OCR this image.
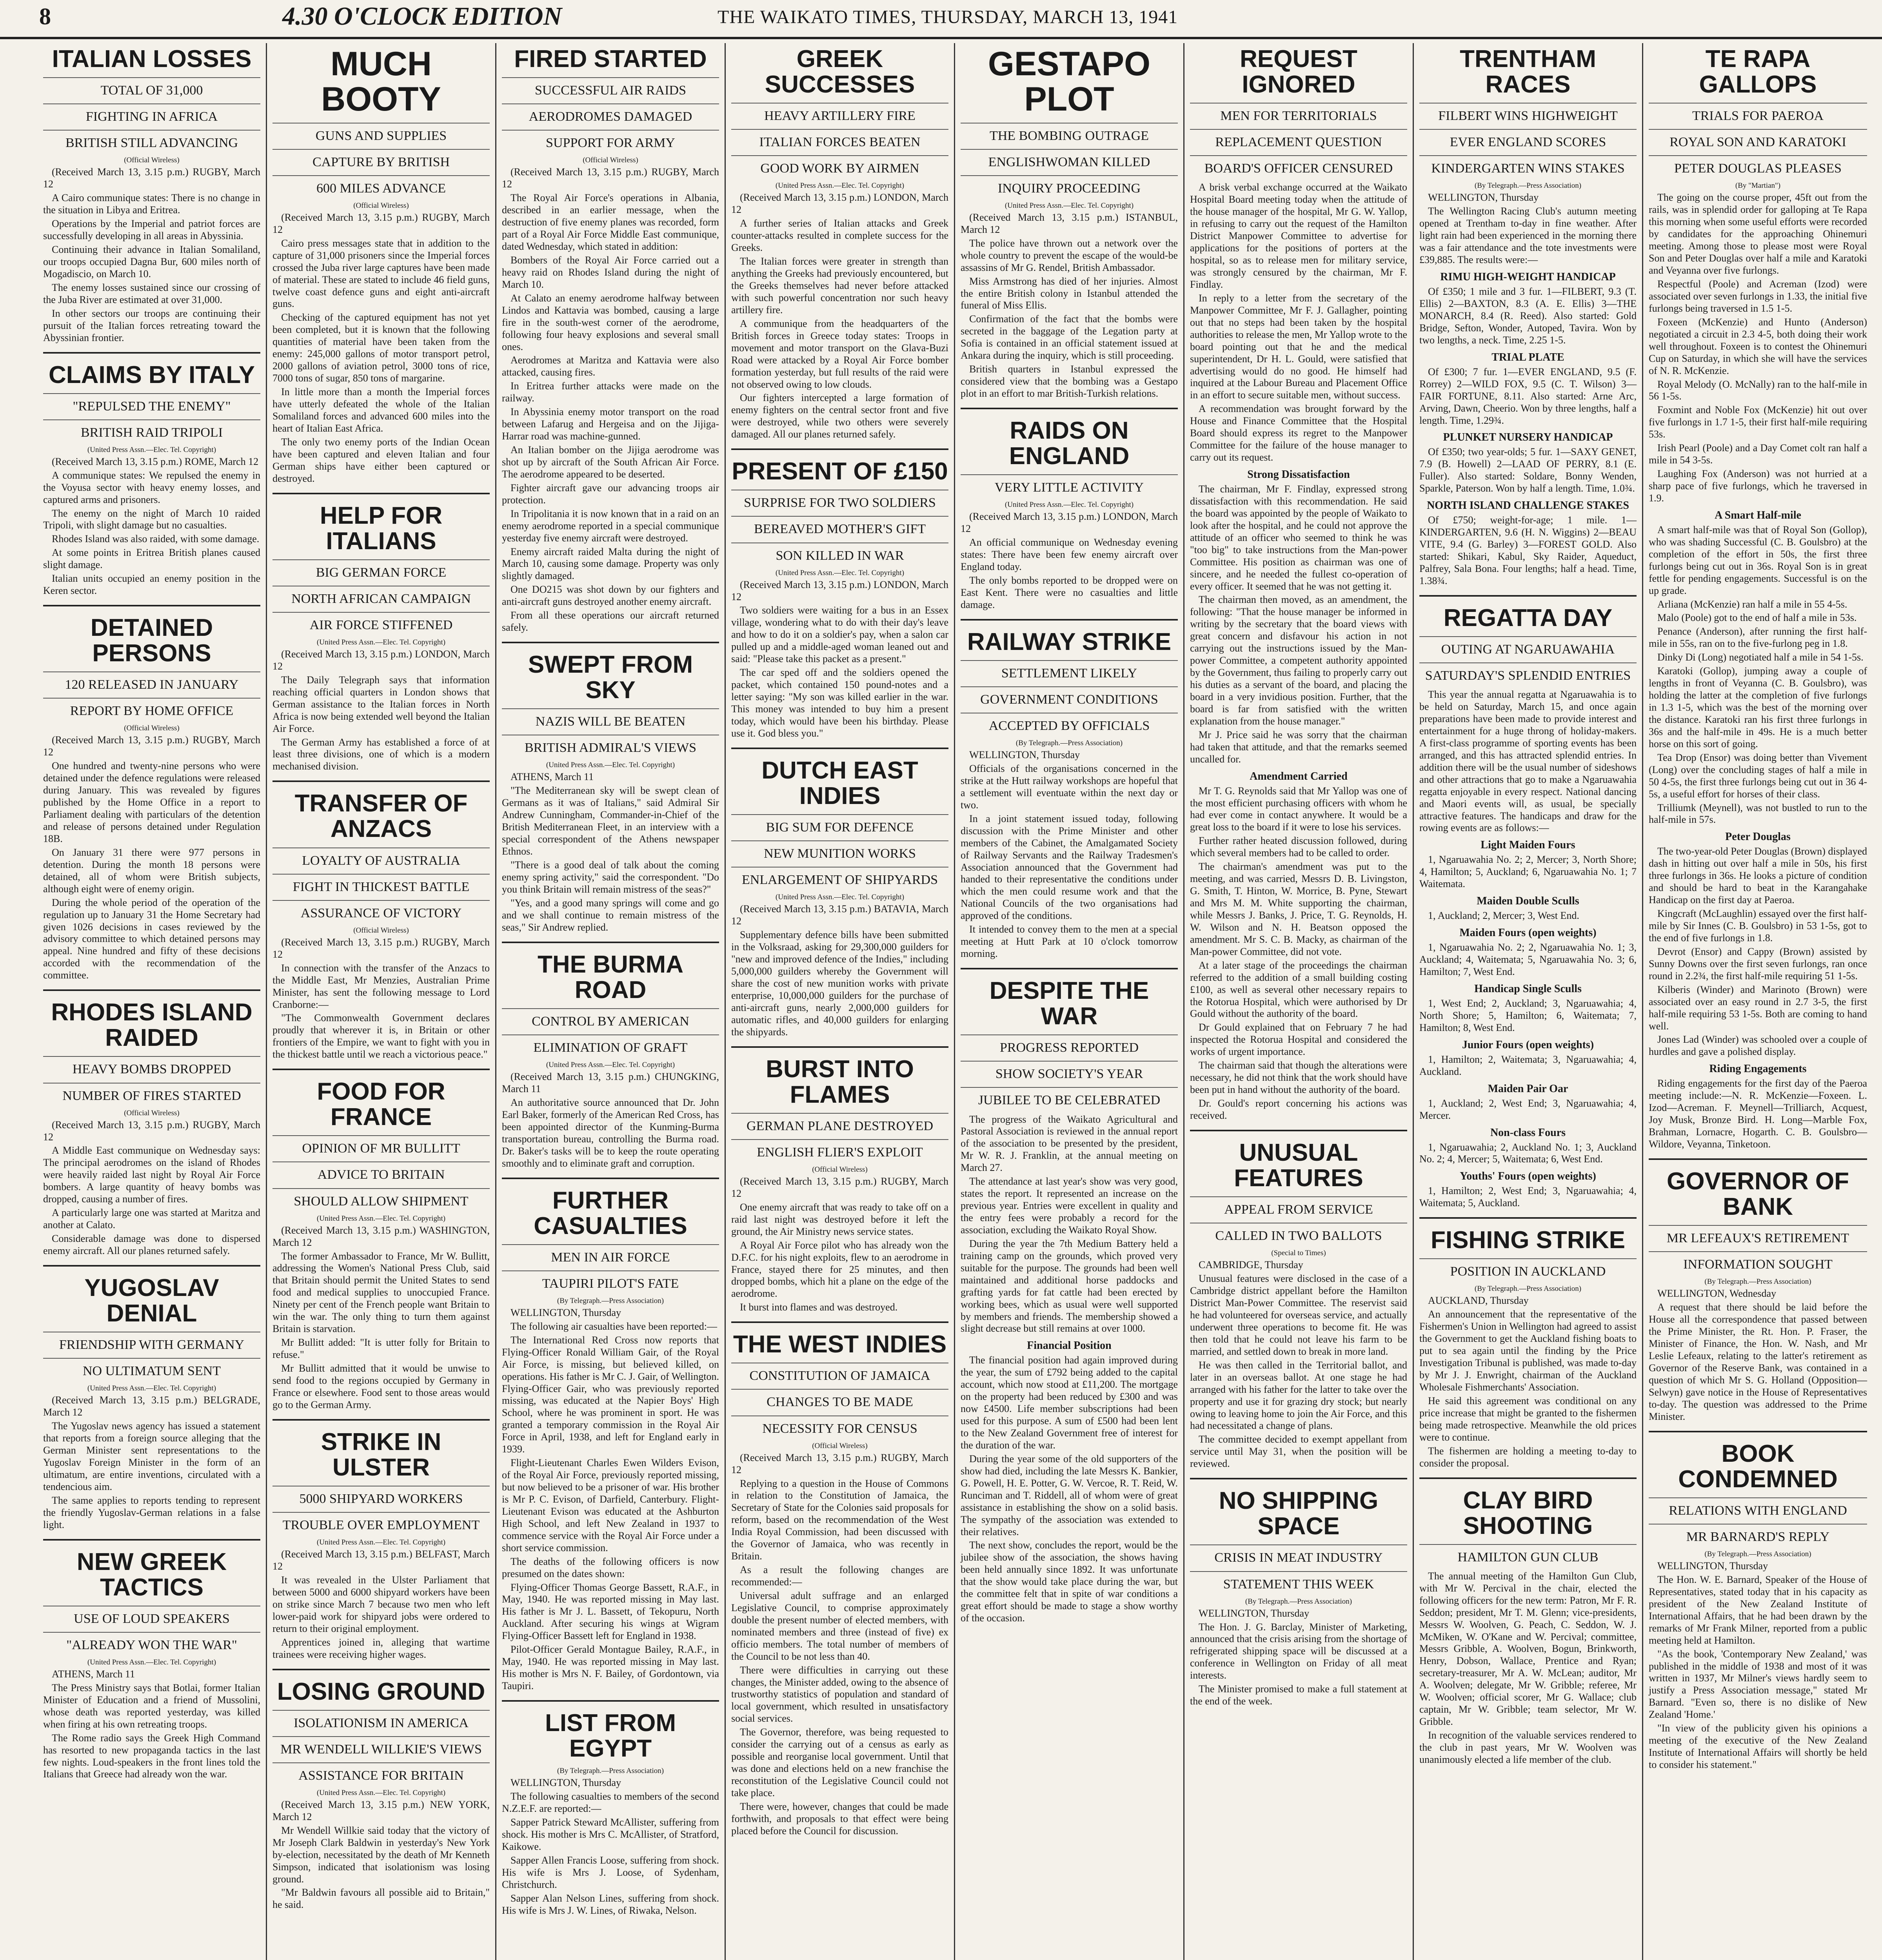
8	4.30 O'CLOCK EDITION	THE WAIKATO TIMES, THURSDAY, MARCH 13, 1941
ITALIAN LOSSES
TOTAL OF 31,000
FIGHTING IN AFRICA
BRITISH STILL ADVANCING
(Official Wireless)

(Received March 13, 3.15 p.m.) RUGBY, March 12

A Cairo communique states: There is no change in the situation in Libya and Eritrea.

Operations by the Imperial and patriot forces are successfully developing in all areas in Abyssinia.

Continuing their advance in Italian Somaliland, our troops occupied Dagna Bur, 600 miles north of Mogadiscio, on March 10.

The enemy losses sustained since our crossing of the Juba River are estimated at over 31,000.

In other sectors our troops are continuing their pursuit of the Italian forces retreating toward the Abyssinian frontier.

CLAIMS BY ITALY
"REPULSED THE ENEMY"
BRITISH RAID TRIPOLI
(United Press Assn.—Elec. Tel. Copyright)

(Received March 13, 3.15 p.m.) ROME, March 12

A communique states: We repulsed the enemy in the Voyusa sector with heavy enemy losses, and captured arms and prisoners.

The enemy on the night of March 10 raided Tripoli, with slight damage but no casualties.

Rhodes Island was also raided, with some damage.

At some points in Eritrea British planes caused slight damage.

Italian units occupied an enemy position in the Keren sector.

DETAINED PERSONS
120 RELEASED IN JANUARY
REPORT BY HOME OFFICE
(Official Wireless)

(Received March 13, 3.15 p.m.) RUGBY, March 12

One hundred and twenty-nine persons who were detained under the defence regulations were released during January. This was revealed by figures published by the Home Office in a report to Parliament dealing with particulars of the detention and release of persons detained under Regulation 18B.

On January 31 there were 977 persons in detention. During the month 18 persons were detained, all of whom were British subjects, although eight were of enemy origin.

During the whole period of the operation of the regulation up to January 31 the Home Secretary had given 1026 decisions in cases reviewed by the advisory committee to which detained persons may appeal. Nine hundred and fifty of these decisions accorded with the recommendation of the committee.

RHODES ISLAND RAIDED
HEAVY BOMBS DROPPED
NUMBER OF FIRES STARTED
(Official Wireless)

(Received March 13, 3.15 p.m.) RUGBY, March 12

A Middle East communique on Wednesday says: The principal aerodromes on the island of Rhodes were heavily raided last night by Royal Air Force bombers. A large quantity of heavy bombs was dropped, causing a number of fires.

A particularly large one was started at Maritza and another at Calato.

Considerable damage was done to dispersed enemy aircraft. All our planes returned safely.

YUGOSLAV DENIAL
FRIENDSHIP WITH GERMANY
NO ULTIMATUM SENT
(United Press Assn.—Elec. Tel. Copyright)

(Received March 13, 3.15 p.m.) BELGRADE, March 12

The Yugoslav news agency has issued a statement that reports from a foreign source alleging that the German Minister sent representations to the Yugoslav Foreign Minister in the form of an ultimatum, are entire inventions, circulated with a tendencious aim.

The same applies to reports tending to represent the friendly Yugoslav-German relations in a false light.

NEW GREEK TACTICS
USE OF LOUD SPEAKERS
"ALREADY WON THE WAR"
(United Press Assn.—Elec. Tel. Copyright)

ATHENS, March 11

The Press Ministry says that Botlai, former Italian Minister of Education and a friend of Mussolini, whose death was reported yesterday, was killed when firing at his own retreating troops.

The Rome radio says the Greek High Command has resorted to new propaganda tactics in the last few nights. Loud-speakers in the front lines told the Italians that Greece had already won the war.

MUCH BOOTY
GUNS AND SUPPLIES
CAPTURE BY BRITISH
600 MILES ADVANCE
(Official Wireless)

(Received March 13, 3.15 p.m.) RUGBY, March 12

Cairo press messages state that in addition to the capture of 31,000 prisoners since the Imperial forces crossed the Juba river large captures have been made of material. These are stated to include 46 field guns, twelve coast defence guns and eight anti-aircraft guns.

Checking of the captured equipment has not yet been completed, but it is known that the following quantities of material have been taken from the enemy: 245,000 gallons of motor transport petrol, 2000 gallons of aviation petrol, 3000 tons of rice, 7000 tons of sugar, 850 tons of margarine.

In little more than a month the Imperial forces have utterly defeated the whole of the Italian Somaliland forces and advanced 600 miles into the heart of Italian East Africa.

The only two enemy ports of the Indian Ocean have been captured and eleven Italian and four German ships have either been captured or destroyed.

HELP FOR ITALIANS
BIG GERMAN FORCE
NORTH AFRICAN CAMPAIGN
AIR FORCE STIFFENED
(United Press Assn.—Elec. Tel. Copyright)

(Received March 13, 3.15 p.m.) LONDON, March 12

The Daily Telegraph says that information reaching official quarters in London shows that German assistance to the Italian forces in North Africa is now being extended well beyond the Italian Air Force.

The German Army has established a force of at least three divisions, one of which is a modern mechanised division.

TRANSFER OF ANZACS
LOYALTY OF AUSTRALIA
FIGHT IN THICKEST BATTLE
ASSURANCE OF VICTORY
(Official Wireless)

(Received March 13, 3.15 p.m.) RUGBY, March 12

In connection with the transfer of the Anzacs to the Middle East, Mr Menzies, Australian Prime Minister, has sent the following message to Lord Cranborne:—

"The Commonwealth Government declares proudly that wherever it is, in Britain or other frontiers of the Empire, we want to fight with you in the thickest battle until we reach a victorious peace."

FOOD FOR FRANCE
OPINION OF MR BULLITT
ADVICE TO BRITAIN
SHOULD ALLOW SHIPMENT
(United Press Assn.—Elec. Tel. Copyright)

(Received March 13, 3.15 p.m.) WASHINGTON, March 12

The former Ambassador to France, Mr W. Bullitt, addressing the Women's National Press Club, said that Britain should permit the United States to send food and medical supplies to unoccupied France. Ninety per cent of the French people want Britain to win the war. The only thing to turn them against Britain is starvation.

Mr Bullitt added: "It is utter folly for Britain to refuse."

Mr Bullitt admitted that it would be unwise to send food to the regions occupied by Germany in France or elsewhere. Food sent to those areas would go to the German Army.

STRIKE IN ULSTER
5000 SHIPYARD WORKERS
TROUBLE OVER EMPLOYMENT
(United Press Assn.—Elec. Tel. Copyright)

(Received March 13, 3.15 p.m.) BELFAST, March 12

It was revealed in the Ulster Parliament that between 5000 and 6000 shipyard workers have been on strike since March 7 because two men who left lower-paid work for shipyard jobs were ordered to return to their original employment.

Apprentices joined in, alleging that wartime trainees were receiving higher wages.

LOSING GROUND
ISOLATIONISM IN AMERICA
MR WENDELL WILLKIE'S VIEWS
ASSISTANCE FOR BRITAIN
(United Press Assn.—Elec. Tel. Copyright)

(Received March 13, 3.15 p.m.) NEW YORK, March 12

Mr Wendell Willkie said today that the victory of Mr Joseph Clark Baldwin in yesterday's New York by-election, necessitated by the death of Mr Kenneth Simpson, indicated that isolationism was losing ground.

"Mr Baldwin favours all possible aid to Britain," he said.

FIRED STARTED
SUCCESSFUL AIR RAIDS
AERODROMES DAMAGED
SUPPORT FOR ARMY
(Official Wireless)

(Received March 13, 3.15 p.m.) RUGBY, March 12

The Royal Air Force's operations in Albania, described in an earlier message, when the destruction of five enemy planes was recorded, form part of a Royal Air Force Middle East communique, dated Wednesday, which stated in addition:

Bombers of the Royal Air Force carried out a heavy raid on Rhodes Island during the night of March 10.

At Calato an enemy aerodrome halfway between Lindos and Kattavia was bombed, causing a large fire in the south-west corner of the aerodrome, following four heavy explosions and several small ones.

Aerodromes at Maritza and Kattavia were also attacked, causing fires.

In Eritrea further attacks were made on the railway.

In Abyssinia enemy motor transport on the road between Lafarug and Hergeisa and on the Jijiga-Harrar road was machine-gunned.

An Italian bomber on the Jijiga aerodrome was shot up by aircraft of the South African Air Force. The aerodrome appeared to be deserted.

Fighter aircraft gave our advancing troops air protection.

In Tripolitania it is now known that in a raid on an enemy aerodrome reported in a special communique yesterday five enemy aircraft were destroyed.

Enemy aircraft raided Malta during the night of March 10, causing some damage. Property was only slightly damaged.

One DO215 was shot down by our fighters and anti-aircraft guns destroyed another enemy aircraft.

From all these operations our aircraft returned safely.

SWEPT FROM SKY
NAZIS WILL BE BEATEN
BRITISH ADMIRAL'S VIEWS
(United Press Assn.—Elec. Tel. Copyright)

ATHENS, March 11

"The Mediterranean sky will be swept clean of Germans as it was of Italians," said Admiral Sir Andrew Cunningham, Commander-in-Chief of the British Mediterranean Fleet, in an interview with a special correspondent of the Athens newspaper Ethnos.

"There is a good deal of talk about the coming enemy spring activity," said the correspondent. "Do you think Britain will remain mistress of the seas?"

"Yes, and a good many springs will come and go and we shall continue to remain mistress of the seas," Sir Andrew replied.

THE BURMA ROAD
CONTROL BY AMERICAN
ELIMINATION OF GRAFT
(United Press Assn.—Elec. Tel. Copyright)

(Received March 13, 3.15 p.m.) CHUNGKING, March 11

An authoritative source announced that Dr. John Earl Baker, formerly of the American Red Cross, has been appointed director of the Kunming-Burma transportation bureau, controlling the Burma road. Dr. Baker's tasks will be to keep the route operating smoothly and to eliminate graft and corruption.

FURTHER CASUALTIES
MEN IN AIR FORCE
TAUPIRI PILOT'S FATE
(By Telegraph.—Press Association)

WELLINGTON, Thursday

The following air casualties have been reported:—

The International Red Cross now reports that Flying-Officer Ronald William Gair, of the Royal Air Force, is missing, but believed killed, on operations. His father is Mr C. J. Gair, of Wellington. Flying-Officer Gair, who was previously reported missing, was educated at the Napier Boys' High School, where he was prominent in sport. He was granted a temporary commission in the Royal Air Force in April, 1938, and left for England early in 1939.

Flight-Lieutenant Charles Ewen Wilders Evison, of the Royal Air Force, previously reported missing, but now believed to be a prisoner of war. His brother is Mr P. C. Evison, of Darfield, Canterbury. Flight-Lieutenant Evison was educated at the Ashburton High School, and left New Zealand in 1937 to commence service with the Royal Air Force under a short service commission.

The deaths of the following officers is now presumed on the dates shown:

Flying-Officer Thomas George Bassett, R.A.F., in May, 1940. He was reported missing in May last. His father is Mr J. L. Bassett, of Tekopuru, North Auckland. After securing his wings at Wigram Flying-Officer Bassett left for England in 1938.

Pilot-Officer Gerald Montague Bailey, R.A.F., in May, 1940. He was reported missing in May last. His mother is Mrs N. F. Bailey, of Gordontown, via Taupiri.

LIST FROM EGYPT
(By Telegraph.—Press Association)

WELLINGTON, Thursday

The following casualties to members of the second N.Z.E.F. are reported:—

Sapper Patrick Steward McAllister, suffering from shock. His mother is Mrs C. McAllister, of Stratford, Kaikowe.

Sapper Allen Francis Loose, suffering from shock. His wife is Mrs J. Loose, of Sydenham, Christchurch.

Sapper Alan Nelson Lines, suffering from shock. His wife is Mrs J. W. Lines, of Riwaka, Nelson.

GREEK SUCCESSES
HEAVY ARTILLERY FIRE
ITALIAN FORCES BEATEN
GOOD WORK BY AIRMEN
(United Press Assn.—Elec. Tel. Copyright)

(Received March 13, 3.15 p.m.) LONDON, March 12

A further series of Italian attacks and Greek counter-attacks resulted in complete success for the Greeks.

The Italian forces were greater in strength than anything the Greeks had previously encountered, but the Greeks themselves had never before attacked with such powerful concentration nor such heavy artillery fire.

A communique from the headquarters of the British forces in Greece today states: Troops in movement and motor transport on the Glava-Buzi Road were attacked by a Royal Air Force bomber formation yesterday, but full results of the raid were not observed owing to low clouds.

Our fighters intercepted a large formation of enemy fighters on the central sector front and five were destroyed, while two others were severely damaged. All our planes returned safely.

PRESENT OF £150
SURPRISE FOR TWO SOLDIERS
BEREAVED MOTHER'S GIFT
SON KILLED IN WAR
(United Press Assn.—Elec. Tel. Copyright)

(Received March 13, 3.15 p.m.) LONDON, March 12

Two soldiers were waiting for a bus in an Essex village, wondering what to do with their day's leave and how to do it on a soldier's pay, when a salon car pulled up and a middle-aged woman leaned out and said: "Please take this packet as a present."

The car sped off and the soldiers opened the packet, which contained 150 pound-notes and a letter saying: "My son was killed earlier in the war. This money was intended to buy him a present today, which would have been his birthday. Please use it. God bless you."

DUTCH EAST INDIES
BIG SUM FOR DEFENCE
NEW MUNITION WORKS
ENLARGEMENT OF SHIPYARDS
(United Press Assn.—Elec. Tel. Copyright)

(Received March 13, 3.15 p.m.) BATAVIA, March 12

Supplementary defence bills have been submitted in the Volksraad, asking for 29,300,000 guilders for "new and improved defence of the Indies," including 5,000,000 guilders whereby the Government will share the cost of new munition works with private enterprise, 10,000,000 guilders for the purchase of anti-aircraft guns, nearly 2,000,000 guilders for automatic rifles, and 40,000 guilders for enlarging the shipyards.

BURST INTO FLAMES
GERMAN PLANE DESTROYED
ENGLISH FLIER'S EXPLOIT
(Official Wireless)

(Received March 13, 3.15 p.m.) RUGBY, March 12

One enemy aircraft that was ready to take off on a raid last night was destroyed before it left the ground, the Air Ministry news service states.

A Royal Air Force pilot who has already won the D.F.C. for his night exploits, flew to an aerodrome in France, stayed there for 25 minutes, and then dropped bombs, which hit a plane on the edge of the aerodrome.

It burst into flames and was destroyed.

THE WEST INDIES
CONSTITUTION OF JAMAICA
CHANGES TO BE MADE
NECESSITY FOR CENSUS
(Official Wireless)

(Received March 13, 3.15 p.m.) RUGBY, March 12

Replying to a question in the House of Commons in relation to the Constitution of Jamaica, the Secretary of State for the Colonies said proposals for reform, based on the recommendation of the West India Royal Commission, had been discussed with the Governor of Jamaica, who was recently in Britain.

As a result the following changes are recommended:—

Universal adult suffrage and an enlarged Legislative Council, to comprise approximately double the present number of elected members, with nominated members and three (instead of five) ex officio members. The total number of members of the Council to be not less than 40.

There were difficulties in carrying out these changes, the Minister added, owing to the absence of trustworthy statistics of population and standard of local government, which resulted in unsatisfactory social services.

The Governor, therefore, was being requested to consider the carrying out of a census as early as possible and reorganise local government. Until that was done and elections held on a new franchise the reconstitution of the Legislative Council could not take place.

There were, however, changes that could be made forthwith, and proposals to that effect were being placed before the Council for discussion.

GESTAPO PLOT
THE BOMBING OUTRAGE
ENGLISHWOMAN KILLED
INQUIRY PROCEEDING
(United Press Assn.—Elec. Tel. Copyright)

(Received March 13, 3.15 p.m.) ISTANBUL, March 12

The police have thrown out a network over the whole country to prevent the escape of the would-be assassins of Mr G. Rendel, British Ambassador.

Miss Armstrong has died of her injuries. Almost the entire British colony in Istanbul attended the funeral of Miss Ellis.

Confirmation of the fact that the bombs were secreted in the baggage of the Legation party at Sofia is contained in an official statement issued at Ankara during the inquiry, which is still proceeding.

British quarters in Istanbul expressed the considered view that the bombing was a Gestapo plot in an effort to mar British-Turkish relations.

RAIDS ON ENGLAND
VERY LITTLE ACTIVITY
(United Press Assn.—Elec. Tel. Copyright)

(Received March 13, 3.15 p.m.) LONDON, March 12

An official communique on Wednesday evening states: There have been few enemy aircraft over England today.

The only bombs reported to be dropped were on East Kent. There were no casualties and little damage.

RAILWAY STRIKE
SETTLEMENT LIKELY
GOVERNMENT CONDITIONS
ACCEPTED BY OFFICIALS
(By Telegraph.—Press Association)

WELLINGTON, Thursday

Officials of the organisations concerned in the strike at the Hutt railway workshops are hopeful that a settlement will eventuate within the next day or two.

In a joint statement issued today, following discussion with the Prime Minister and other members of the Cabinet, the Amalgamated Society of Railway Servants and the Railway Tradesmen's Association announced that the Government had handed to their representative the conditions under which the men could resume work and that the National Councils of the two organisations had approved of the conditions.

It intended to convey them to the men at a special meeting at Hutt Park at 10 o'clock tomorrow morning.

DESPITE THE WAR
PROGRESS REPORTED
SHOW SOCIETY'S YEAR
JUBILEE TO BE CELEBRATED

The progress of the Waikato Agricultural and Pastoral Association is reviewed in the annual report of the association to be presented by the president, Mr W. R. J. Franklin, at the annual meeting on March 27.

The attendance at last year's show was very good, states the report. It represented an increase on the previous year. Entries were excellent in quality and the entry fees were probably a record for the association, excluding the Waikato Royal Show.

During the year the 7th Medium Battery held a training camp on the grounds, which proved very suitable for the purpose. The grounds had been well maintained and additional horse paddocks and grafting yards for fat cattle had been erected by working bees, which as usual were well supported by members and friends. The membership showed a slight decrease but still remains at over 1000.

Financial Position

The financial position had again improved during the year, the sum of £792 being added to the capital account, which now stood at £11,200. The mortgage on the property had been reduced by £300 and was now £4500. Life member subscriptions had been used for this purpose. A sum of £500 had been lent to the New Zealand Government free of interest for the duration of the war.

During the year some of the old supporters of the show had died, including the late Messrs K. Bankier, G. Powell, H. E. Potter, G. W. Vercoe, R. T. Reid, W. Runciman and T. Riddell, all of whom were of great assistance in establishing the show on a solid basis. The sympathy of the association was extended to their relatives.

The next show, concludes the report, would be the jubilee show of the association, the shows having been held annually since 1892. It was unfortunate that the show would take place during the war, but the committee felt that in spite of war conditions a great effort should be made to stage a show worthy of the occasion.

REQUEST IGNORED
MEN FOR TERRITORIALS
REPLACEMENT QUESTION
BOARD'S OFFICER CENSURED

A brisk verbal exchange occurred at the Waikato Hospital Board meeting today when the attitude of the house manager of the hospital, Mr G. W. Yallop, in refusing to carry out the request of the Hamilton District Manpower Committee to advertise for applications for the positions of porters at the hospital, so as to release men for military service, was strongly censured by the chairman, Mr F. Findlay.

In reply to a letter from the secretary of the Manpower Committee, Mr F. J. Gallagher, pointing out that no steps had been taken by the hospital authorities to release the men, Mr Yallop wrote to the board pointing out that he and the medical superintendent, Dr H. L. Gould, were satisfied that advertising would do no good. He himself had inquired at the Labour Bureau and Placement Office in an effort to secure suitable men, without success.

A recommendation was brought forward by the House and Finance Committee that the Hospital Board should express its regret to the Manpower Committee for the failure of the house manager to carry out its request.

Strong Dissatisfaction

The chairman, Mr F. Findlay, expressed strong dissatisfaction with this recommendation. He said the board was appointed by the people of Waikato to look after the hospital, and he could not approve the attitude of an officer who seemed to think he was "too big" to take instructions from the Man-power Committee. His position as chairman was one of sincere, and he needed the fullest co-operation of every officer. It seemed that he was not getting it.

The chairman then moved, as an amendment, the following: "That the house manager be informed in writing by the secretary that the board views with great concern and disfavour his action in not carrying out the instructions issued by the Man-power Committee, a competent authority appointed by the Government, thus failing to properly carry out his duties as a servant of the board, and placing the board in a very invidious position. Further, that the board is far from satisfied with the written explanation from the house manager."

Mr J. Price said he was sorry that the chairman had taken that attitude, and that the remarks seemed uncalled for.

Amendment Carried

Mr T. G. Reynolds said that Mr Yallop was one of the most efficient purchasing officers with whom he had ever come in contact anywhere. It would be a great loss to the board if it were to lose his services.

Further rather heated discussion followed, during which several members had to be called to order.

The chairman's amendment was put to the meeting, and was carried, Messrs D. B. Livingston, G. Smith, T. Hinton, W. Morrice, B. Pyne, Stewart and Mrs M. M. White supporting the chairman, while Messrs J. Banks, J. Price, T. G. Reynolds, H. W. Wilson and N. H. Beatson opposed the amendment. Mr S. C. B. Macky, as chairman of the Man-power Committee, did not vote.

At a later stage of the proceedings the chairman referred to the addition of a small building costing £100, as well as several other necessary repairs to the Rotorua Hospital, which were authorised by Dr Gould without the authority of the board.

Dr Gould explained that on February 7 he had inspected the Rotorua Hospital and considered the works of urgent importance.

The chairman said that though the alterations were necessary, he did not think that the work should have been put in hand without the authority of the board.

Dr. Gould's report concerning his actions was received.

UNUSUAL FEATURES
APPEAL FROM SERVICE
CALLED IN TWO BALLOTS
(Special to Times)

CAMBRIDGE, Thursday

Unusual features were disclosed in the case of a Cambridge district appellant before the Hamilton District Man-Power Committee. The reservist said he had volunteered for overseas service, and actually underwent three operations to become fit. He was then told that he could not leave his farm to be married, and settled down to break in more land.

He was then called in the Territorial ballot, and later in an overseas ballot. At one stage he had arranged with his father for the latter to take over the property and use it for grazing dry stock; but nearly owing to leaving home to join the Air Force, and this had necessitated a change of plans.

The committee decided to exempt appellant from service until May 31, when the position will be reviewed.

NO SHIPPING SPACE
CRISIS IN MEAT INDUSTRY
STATEMENT THIS WEEK
(By Telegraph.—Press Association)

WELLINGTON, Thursday

The Hon. J. G. Barclay, Minister of Marketing, announced that the crisis arising from the shortage of refrigerated shipping space will be discussed at a conference in Wellington on Friday of all meat interests.

The Minister promised to make a full statement at the end of the week.

TRENTHAM RACES
FILBERT WINS HIGHWEIGHT
EVER ENGLAND SCORES
KINDERGARTEN WINS STAKES
(By Telegraph.—Press Association)

WELLINGTON, Thursday

The Wellington Racing Club's autumn meeting opened at Trentham to-day in fine weather. After light rain had been experienced in the morning there was a fair attendance and the tote investments were £39,885. The results were:—

RIMU HIGH-WEIGHT HANDICAP

Of £350; 1 mile and 3 fur. 1—FILBERT, 9.3 (T. Ellis) 2—BAXTON, 8.3 (A. E. Ellis) 3—THE MONARCH, 8.4 (R. Reed). Also started: Gold Bridge, Sefton, Wonder, Autoped, Tavira. Won by two lengths, a neck. Time, 2.25 1-5.

TRIAL PLATE

Of £300; 7 fur. 1—EVER ENGLAND, 9.5 (F. Rorrey) 2—WILD FOX, 9.5 (C. T. Wilson) 3—FAIR FORTUNE, 8.11. Also started: Arne Arc, Arving, Dawn, Cheerio. Won by three lengths, half a length. Time, 1.29¾.

PLUNKET NURSERY HANDICAP

Of £350; two year-olds; 5 fur. 1—SAXY GENET, 7.9 (B. Howell) 2—LAAD OF PERRY, 8.1 (E. Fuller). Also started: Soldare, Bonny Wenden, Sparkle, Paterson. Won by half a length. Time, 1.0¾.

NORTH ISLAND CHALLENGE STAKES

Of £750; weight-for-age; 1 mile. 1—KINDERGARTEN, 9.6 (H. N. Wiggins) 2—BEAU VITE, 9.4 (G. Barley) 3—FOREST GOLD. Also started: Shikari, Kabul, Sky Raider, Aqueduct, Palfrey, Sala Bona. Four lengths; half a head. Time, 1.38¾.

REGATTA DAY
OUTING AT NGARUAWAHIA
SATURDAY'S SPLENDID ENTRIES

This year the annual regatta at Ngaruawahia is to be held on Saturday, March 15, and once again preparations have been made to provide interest and entertainment for a huge throng of holiday-makers. A first-class programme of sporting events has been arranged, and this has attracted splendid entries. In addition there will be the usual number of sideshows and other attractions that go to make a Ngaruawahia regatta enjoyable in every respect. National dancing and Maori events will, as usual, be specially attractive features. The handicaps and draw for the rowing events are as follows:—

Light Maiden Fours

1, Ngaruawahia No. 2; 2, Mercer; 3, North Shore; 4, Hamilton; 5, Auckland; 6, Ngaruawahia No. 1; 7 Waitemata.

Maiden Double Sculls

1, Auckland; 2, Mercer; 3, West End.

Maiden Fours (open weights)

1, Ngaruawahia No. 2; 2, Ngaruawahia No. 1; 3, Auckland; 4, Waitemata; 5, Ngaruawahia No. 3; 6, Hamilton; 7, West End.

Handicap Single Sculls

1, West End; 2, Auckland; 3, Ngaruawahia; 4, North Shore; 5, Hamilton; 6, Waitemata; 7, Hamilton; 8, West End.

Junior Fours (open weights)

1, Hamilton; 2, Waitemata; 3, Ngaruawahia; 4, Auckland.

Maiden Pair Oar

1, Auckland; 2, West End; 3, Ngaruawahia; 4, Mercer.

Non-class Fours

1, Ngaruawahia; 2, Auckland No. 1; 3, Auckland No. 2; 4, Mercer; 5, Waitemata; 6, West End.

Youths' Fours (open weights)

1, Hamilton; 2, West End; 3, Ngaruawahia; 4, Waitemata; 5, Auckland.

FISHING STRIKE
POSITION IN AUCKLAND
(By Telegraph.—Press Association)

AUCKLAND, Thursday

An announcement that the representative of the Fishermen's Union in Wellington had agreed to assist the Government to get the Auckland fishing boats to put to sea again until the finding by the Price Investigation Tribunal is published, was made to-day by Mr J. J. Enwright, chairman of the Auckland Wholesale Fishmerchants' Association.

He said this agreement was conditional on any price increase that might be granted to the fishermen being made retrospective. Meanwhile the old prices were to continue.

The fishermen are holding a meeting to-day to consider the proposal.

CLAY BIRD SHOOTING
HAMILTON GUN CLUB

The annual meeting of the Hamilton Gun Club, with Mr W. Percival in the chair, elected the following officers for the new term: Patron, Mr F. R. Seddon; president, Mr T. M. Glenn; vice-presidents, Messrs W. Woolven, G. Peach, C. Seddon, W. J. McMiken, W. O'Kane and W. Percival; committee, Messrs Gribble, A. Woolven, Bogun, Brinkworth, Henry, Dobson, Wallace, Prentice and Ryan; secretary-treasurer, Mr A. W. McLean; auditor, Mr A. Woolven; delegate, Mr W. Gribble; referee, Mr W. Woolven; official scorer, Mr G. Wallace; club captain, Mr W. Gribble; team selector, Mr W. Gribble.

In recognition of the valuable services rendered to the club in past years, Mr W. Woolven was unanimously elected a life member of the club.

TE RAPA GALLOPS
TRIALS FOR PAEROA
ROYAL SON AND KARATOKI
PETER DOUGLAS PLEASES
(By "Martian")

The going on the course proper, 45ft out from the rails, was in splendid order for galloping at Te Rapa this morning when some useful efforts were recorded by candidates for the approaching Ohinemuri meeting. Among those to please most were Royal Son and Peter Douglas over half a mile and Karatoki and Veyanna over five furlongs.

Respectful (Poole) and Acreman (Izod) were associated over seven furlongs in 1.33, the initial five furlongs being traversed in 1.5 1-5.

Foxeen (McKenzie) and Hunto (Anderson) negotiated a circuit in 2.3 4-5, both doing their work well throughout. Foxeen is to contest the Ohinemuri Cup on Saturday, in which she will have the services of N. R. McKenzie.

Royal Melody (O. McNally) ran to the half-mile in 56 1-5s.

Foxmint and Noble Fox (McKenzie) hit out over five furlongs in 1.7 1-5, their first half-mile requiring 53s.

Irish Pearl (Poole) and a Day Comet colt ran half a mile in 54 3-5s.

Laughing Fox (Anderson) was not hurried at a sharp pace of five furlongs, which he traversed in 1.9.

A Smart Half-mile

A smart half-mile was that of Royal Son (Gollop), who was shading Successful (C. B. Goulsbro) at the completion of the effort in 50s, the first three furlongs being cut out in 36s. Royal Son is in great fettle for pending engagements. Successful is on the up grade.

Arliana (McKenzie) ran half a mile in 55 4-5s.

Malo (Poole) got to the end of half a mile in 53s.

Penance (Anderson), after running the first half-mile in 55s, ran on to the five-furlong peg in 1.8.

Dinky Di (Long) negotiated half a mile in 54 1-5s.

Karatoki (Gollop), jumping away a couple of lengths in front of Veyanna (C. B. Goulsbro), was holding the latter at the completion of five furlongs in 1.3 1-5, which was the best of the morning over the distance. Karatoki ran his first three furlongs in 36s and the half-mile in 49s. He is a much better horse on this sort of going.

Tea Drop (Ensor) was doing better than Vivement (Long) over the concluding stages of half a mile in 50 4-5s, the first three furlongs being cut out in 36 4-5s, a useful effort for horses of their class.

Trilliumk (Meynell), was not bustled to run to the half-mile in 57s.

Peter Douglas

The two-year-old Peter Douglas (Brown) displayed dash in hitting out over half a mile in 50s, his first three furlongs in 36s. He looks a picture of condition and should be hard to beat in the Karangahake Handicap on the first day at Paeroa.

Kingcraft (McLaughlin) essayed over the first half-mile by Sir Innes (C. B. Goulsbro) in 53 1-5s, got to the end of five furlongs in 1.8.

Devrot (Ensor) and Cappy (Brown) assisted by Sunny Downs over the first seven furlongs, ran once round in 2.2¾, the first half-mile requiring 51 1-5s.

Kilberis (Winder) and Marinoto (Brown) were associated over an easy round in 2.7 3-5, the first half-mile requiring 53 1-5s. Both are coming to hand well.

Jones Lad (Winder) was schooled over a couple of hurdles and gave a polished display.

Riding Engagements

Riding engagements for the first day of the Paeroa meeting include:—N. R. McKenzie—Foxeen. L. Izod—Acreman. F. Meynell—Trilliarch, Acquest, Joy Musk, Bronze Bird. H. Long—Marble Fox, Brahman, Lornacre, Hogarth. C. B. Goulsbro—Wildore, Veyanna, Tinketoon.

GOVERNOR OF BANK
MR LEFEAUX'S RETIREMENT
INFORMATION SOUGHT
(By Telegraph.—Press Association)

WELLINGTON, Wednesday

A request that there should be laid before the House all the correspondence that passed between the Prime Minister, the Rt. Hon. P. Fraser, the Minister of Finance, the Hon. W. Nash, and Mr Leslie Lefeaux, relating to the latter's retirement as Governor of the Reserve Bank, was contained in a question of which Mr S. G. Holland (Opposition—Selwyn) gave notice in the House of Representatives to-day. The question was addressed to the Prime Minister.

BOOK CONDEMNED
RELATIONS WITH ENGLAND
MR BARNARD'S REPLY
(By Telegraph.—Press Association)

WELLINGTON, Thursday

The Hon. W. E. Barnard, Speaker of the House of Representatives, stated today that in his capacity as president of the New Zealand Institute of International Affairs, that he had been drawn by the remarks of Mr Frank Milner, reported from a public meeting held at Hamilton.

"As the book, 'Contemporary New Zealand,' was published in the middle of 1938 and most of it was written in 1937, Mr Milner's views hardly seem to justify a Press Association message," stated Mr Barnard. "Even so, there is no dislike of New Zealand 'Home.'

"In view of the publicity given his opinions a meeting of the executive of the New Zealand Institute of International Affairs will shortly be held to consider his statement."
